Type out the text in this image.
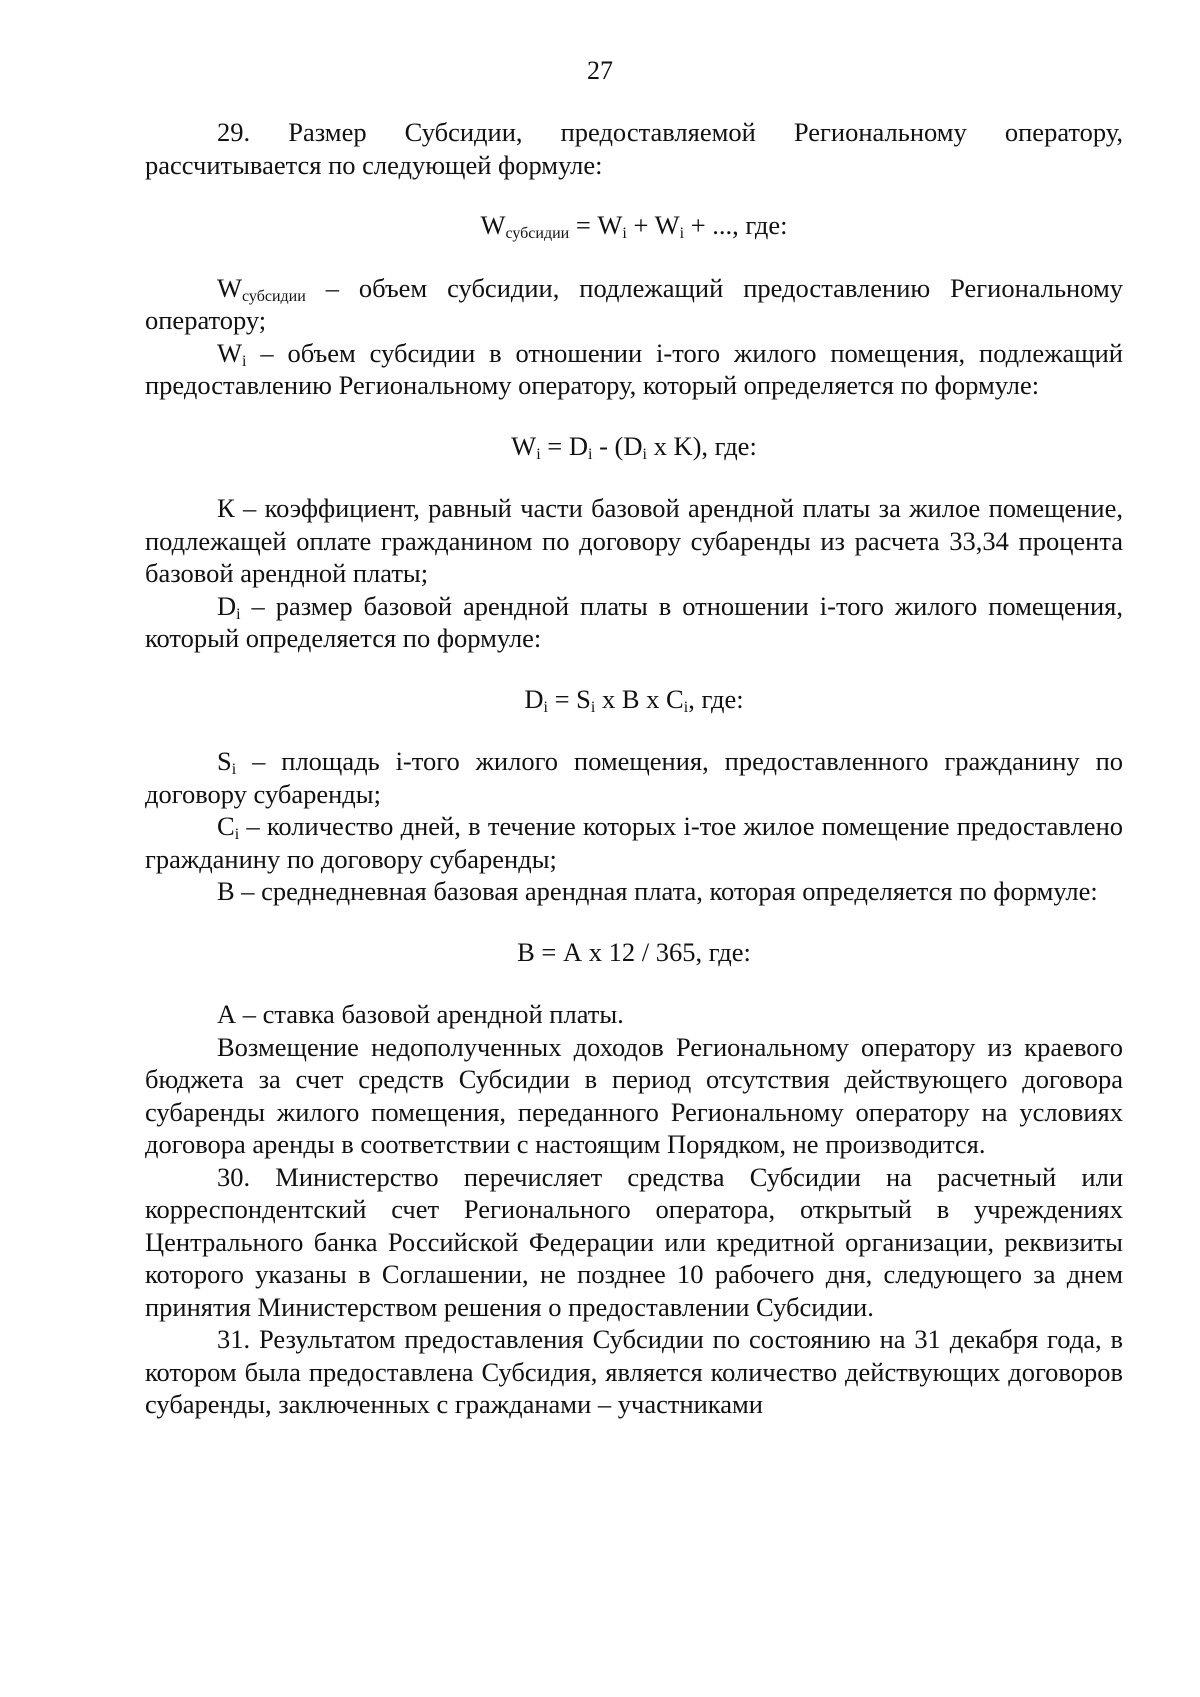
27

29. Размер Субсидии, предоставляемой Региональному оператору, рассчитывается по следующей формуле:

$W_{субсидии} = W_i + W_i$ + ..., где:

$W_{субсидии}$ – объем субсидии, подлежащий предоставлению Региональному оператору;

$W_i$ – объем субсидии в отношении i-того жилого помещения, подлежащий предоставлению Региональному оператору, который определяется по формуле:

$W_i = D_i - (D_i$ х K), где:

К – коэффициент, равный части базовой арендной платы за жилое помещение, подлежащей оплате гражданином по договору субаренды из расчета 33,34 процента базовой арендной платы;

$D_i$ – размер базовой арендной платы в отношении i-того жилого помещения, который определяется по формуле:

$D_i = S_i$ х В х $С_i$, где:

$S_i$ – площадь i-того жилого помещения, предоставленного гражданину по договору субаренды;

$С_i$ – количество дней, в течение которых i-тое жилое помещение предоставлено гражданину по договору субаренды;

В – среднедневная базовая арендная плата, которая определяется по формуле:

В = А х 12 / 365, где:

А – ставка базовой арендной платы.

Возмещение недополученных доходов Региональному оператору из краевого бюджета за счет средств Субсидии в период отсутствия действующего договора субаренды жилого помещения, переданного Региональному оператору на условиях договора аренды в соответствии с настоящим Порядком, не производится.

30. Министерство перечисляет средства Субсидии на расчетный или корреспондентский счет Регионального оператора, открытый в учреждениях Центрального банка Российской Федерации или кредитной организации, реквизиты которого указаны в Соглашении, не позднее 10 рабочего дня, следующего за днем принятия Министерством решения о предоставлении Субсидии.

31. Результатом предоставления Субсидии по состоянию на 31 декабря года, в котором была предоставлена Субсидия, является количество действующих договоров субаренды, заключенных с гражданами – участниками
